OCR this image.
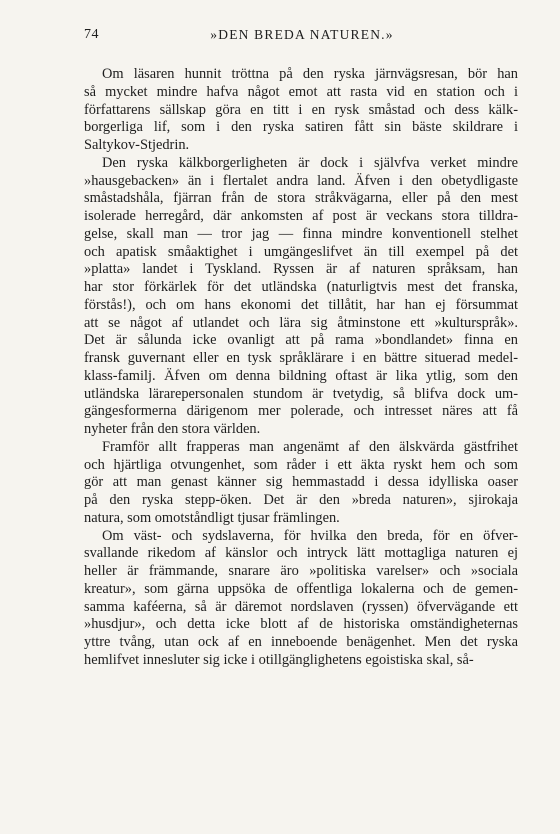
74	»DEN BREDA NATUREN.»
Om läsaren hunnit tröttna på den ryska järnvägsresan, bör han
så mycket mindre hafva något emot att rasta vid en station och i
författarens sällskap göra en titt i en rysk småstad och dess kälk-
borgerliga lif, som i den ryska satiren fått sin bäste skildrare i
Saltykov-Stjedrin.
Den ryska kälkborgerligheten är dock i självfva verket mindre
»hausgebacken» än i flertalet andra land. Äfven i den obetydligaste
småstadshåla, fjärran från de stora stråkvägarna, eller på den mest
isolerade herregård, där ankomsten af post är veckans stora tilldra-
gelse, skall man — tror jag — finna mindre konventionell stelhet
och apatisk småaktighet i umgängeslifvet än till exempel på det
»platta» landet i Tyskland. Ryssen är af naturen språksam, han
har stor förkärlek för det utländska (naturligtvis mest det franska,
förstås!), och om hans ekonomi det tillåtit, har han ej försummat
att se något af utlandet och lära sig åtminstone ett »kulturspråk».
Det är sålunda icke ovanligt att på rama »bondlandet» finna en
fransk guvernant eller en tysk språklärare i en bättre situerad medel-
klass-familj. Äfven om denna bildning oftast är lika ytlig, som den
utländska lärarepersonalen stundom är tvetydig, så blifva dock um-
gängesformerna därigenom mer polerade, och intresset näres att få
nyheter från den stora världen.
Framför allt frapperas man angenämt af den älskvärda gästfrihet
och hjärtliga otvungenhet, som råder i ett äkta ryskt hem och som
gör att man genast känner sig hemmastadd i dessa idylliska oaser
på den ryska stepp-öken. Det är den »breda naturen», sjirokaja
natura, som omotståndligt tjusar främlingen.
Om väst- och sydslaverna, för hvilka den breda, för en öfver-
svallande rikedom af känslor och intryck lätt mottagliga naturen ej
heller är främmande, snarare äro »politiska varelser» och »sociala
kreatur», som gärna uppsöka de offentliga lokalerna och de gemen-
samma kaféerna, så är däremot nordslaven (ryssen) öfvervägande ett
»husdjur», och detta icke blott af de historiska omständigheternas
yttre tvång, utan ock af en inneboende benägenhet. Men det ryska
hemlifvet innesluter sig icke i otillgänglighetens egoistiska skal, så-
